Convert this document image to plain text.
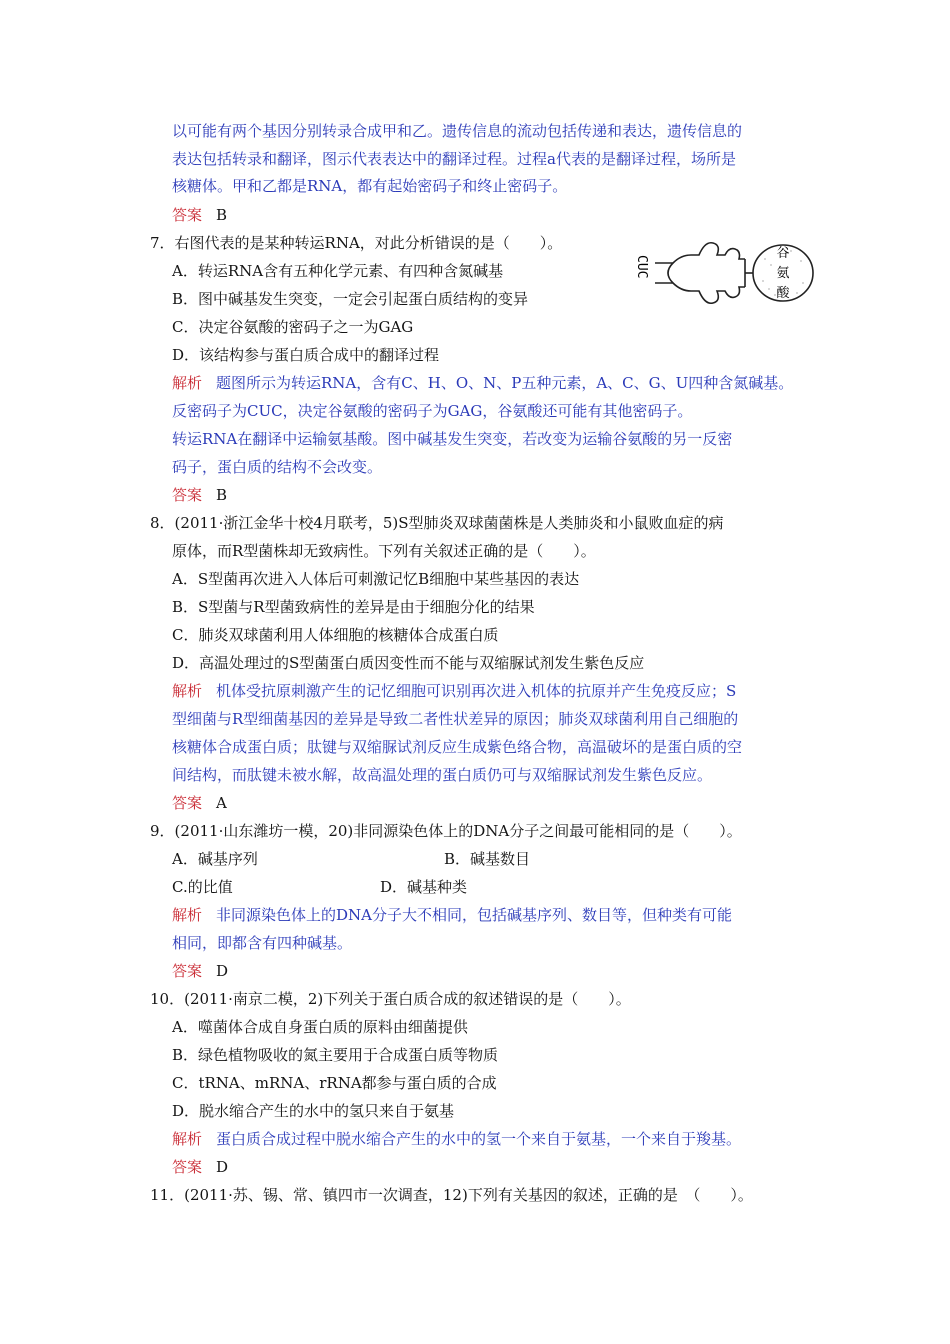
以可能有两个基因分别转录合成甲和乙。遗传信息的流动包括传递和表达，遗传信息的
表达包括转录和翻译，图示代表表达中的翻译过程。过程a代表的是翻译过程，场所是
核糖体。甲和乙都是RNA，都有起始密码子和终止密码子。
答案 B
7．右图代表的是某种转运RNA，对此分析错误的是（　　）。
A．转运RNA含有五种化学元素、有四种含氮碱基
B．图中碱基发生突变，一定会引起蛋白质结构的变异
C．决定谷氨酸的密码子之一为GAG
D．该结构参与蛋白质合成中的翻译过程
CUC
谷
氨
酸
解析 题图所示为转运RNA，含有C、H、O、N、P五种元素，A、C、G、U四种含氮碱基。
反密码子为CUC，决定谷氨酸的密码子为GAG，谷氨酸还可能有其他密码子。
转运RNA在翻译中运输氨基酸。图中碱基发生突变，若改变为运输谷氨酸的另一反密
码子，蛋白质的结构不会改变。
答案 B
8．(2011·浙江金华十校4月联考，5)S型肺炎双球菌菌株是人类肺炎和小鼠败血症的病
原体，而R型菌株却无致病性。下列有关叙述正确的是（　　）。
A．S型菌再次进入人体后可刺激记忆B细胞中某些基因的表达
B．S型菌与R型菌致病性的差异是由于细胞分化的结果
C．肺炎双球菌利用人体细胞的核糖体合成蛋白质
D．高温处理过的S型菌蛋白质因变性而不能与双缩脲试剂发生紫色反应
解析 机体受抗原刺激产生的记忆细胞可识别再次进入机体的抗原并产生免疫反应；S
型细菌与R型细菌基因的差异是导致二者性状差异的原因；肺炎双球菌利用自己细胞的
核糖体合成蛋白质；肽键与双缩脲试剂反应生成紫色络合物，高温破坏的是蛋白质的空
间结构，而肽键未被水解，故高温处理的蛋白质仍可与双缩脲试剂发生紫色反应。
答案 A
9．(2011·山东潍坊一模，20)非同源染色体上的DNA分子之间最可能相同的是（　　）。
A．碱基序列	B．碱基数目
C.的比值	D．碱基种类
解析 非同源染色体上的DNA分子大不相同，包括碱基序列、数目等，但种类有可能
相同，即都含有四种碱基。
答案 D
10．(2011·南京二模，2)下列关于蛋白质合成的叙述错误的是（　　）。
A．噬菌体合成自身蛋白质的原料由细菌提供
B．绿色植物吸收的氮主要用于合成蛋白质等物质
C．tRNA、mRNA、rRNA都参与蛋白质的合成
D．脱水缩合产生的水中的氢只来自于氨基
解析 蛋白质合成过程中脱水缩合产生的水中的氢一个来自于氨基，一个来自于羧基。
答案 D
11．(2011·苏、锡、常、镇四市一次调查，12)下列有关基因的叙述，正确的是　（　　）。
